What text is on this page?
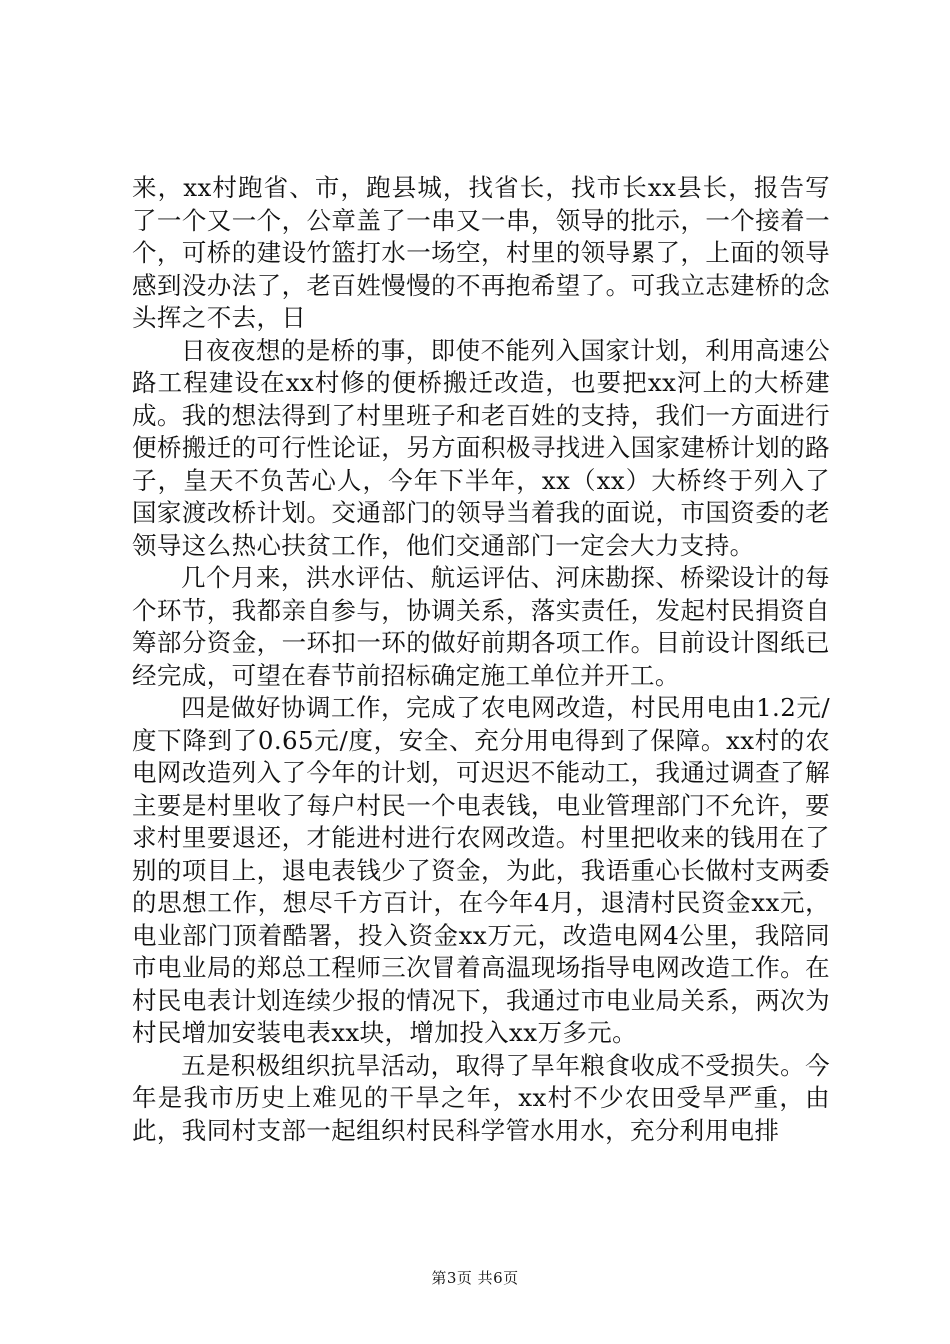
来，xx村跑省、市，跑县城，找省长，找市长xx县长，报告写了一个又一个，公章盖了一串又一串，领导的批示，一个接着一个，可桥的建设竹篮打水一场空，村里的领导累了，上面的领导感到没办法了，老百姓慢慢的不再抱希望了。可我立志建桥的念头挥之不去，日

日夜夜想的是桥的事，即使不能列入国家计划，利用高速公路工程建设在xx村修的便桥搬迁改造，也要把xx河上的大桥建成。我的想法得到了村里班子和老百姓的支持，我们一方面进行便桥搬迁的可行性论证，另方面积极寻找进入国家建桥计划的路子，皇天不负苦心人，今年下半年，xx（xx）大桥终于列入了国家渡改桥计划。交通部门的领导当着我的面说，市国资委的老领导这么热心扶贫工作，他们交通部门一定会大力支持。

几个月来，洪水评估、航运评估、河床勘探、桥梁设计的每个环节，我都亲自参与，协调关系，落实责任，发起村民捐资自筹部分资金，一环扣一环的做好前期各项工作。目前设计图纸已经完成，可望在春节前招标确定施工单位并开工。

四是做好协调工作，完成了农电网改造，村民用电由1.2元/度下降到了0.65元/度，安全、充分用电得到了保障。xx村的农电网改造列入了今年的计划，可迟迟不能动工，我通过调查了解主要是村里收了每户村民一个电表钱，电业管理部门不允许，要求村里要退还，才能进村进行农网改造。村里把收来的钱用在了别的项目上，退电表钱少了资金，为此，我语重心长做村支两委的思想工作，想尽千方百计，在今年4月，退清村民资金xx元，电业部门顶着酷署，投入资金xx万元，改造电网4公里，我陪同市电业局的郑总工程师三次冒着高温现场指导电网改造工作。在村民电表计划连续少报的情况下，我通过市电业局关系，两次为村民增加安装电表xx块，增加投入xx万多元。

五是积极组织抗旱活动，取得了旱年粮食收成不受损失。今年是我市历史上难见的干旱之年，xx村不少农田受旱严重，由此，我同村支部一起组织村民科学管水用水，充分利用电排

第3页 共6页
